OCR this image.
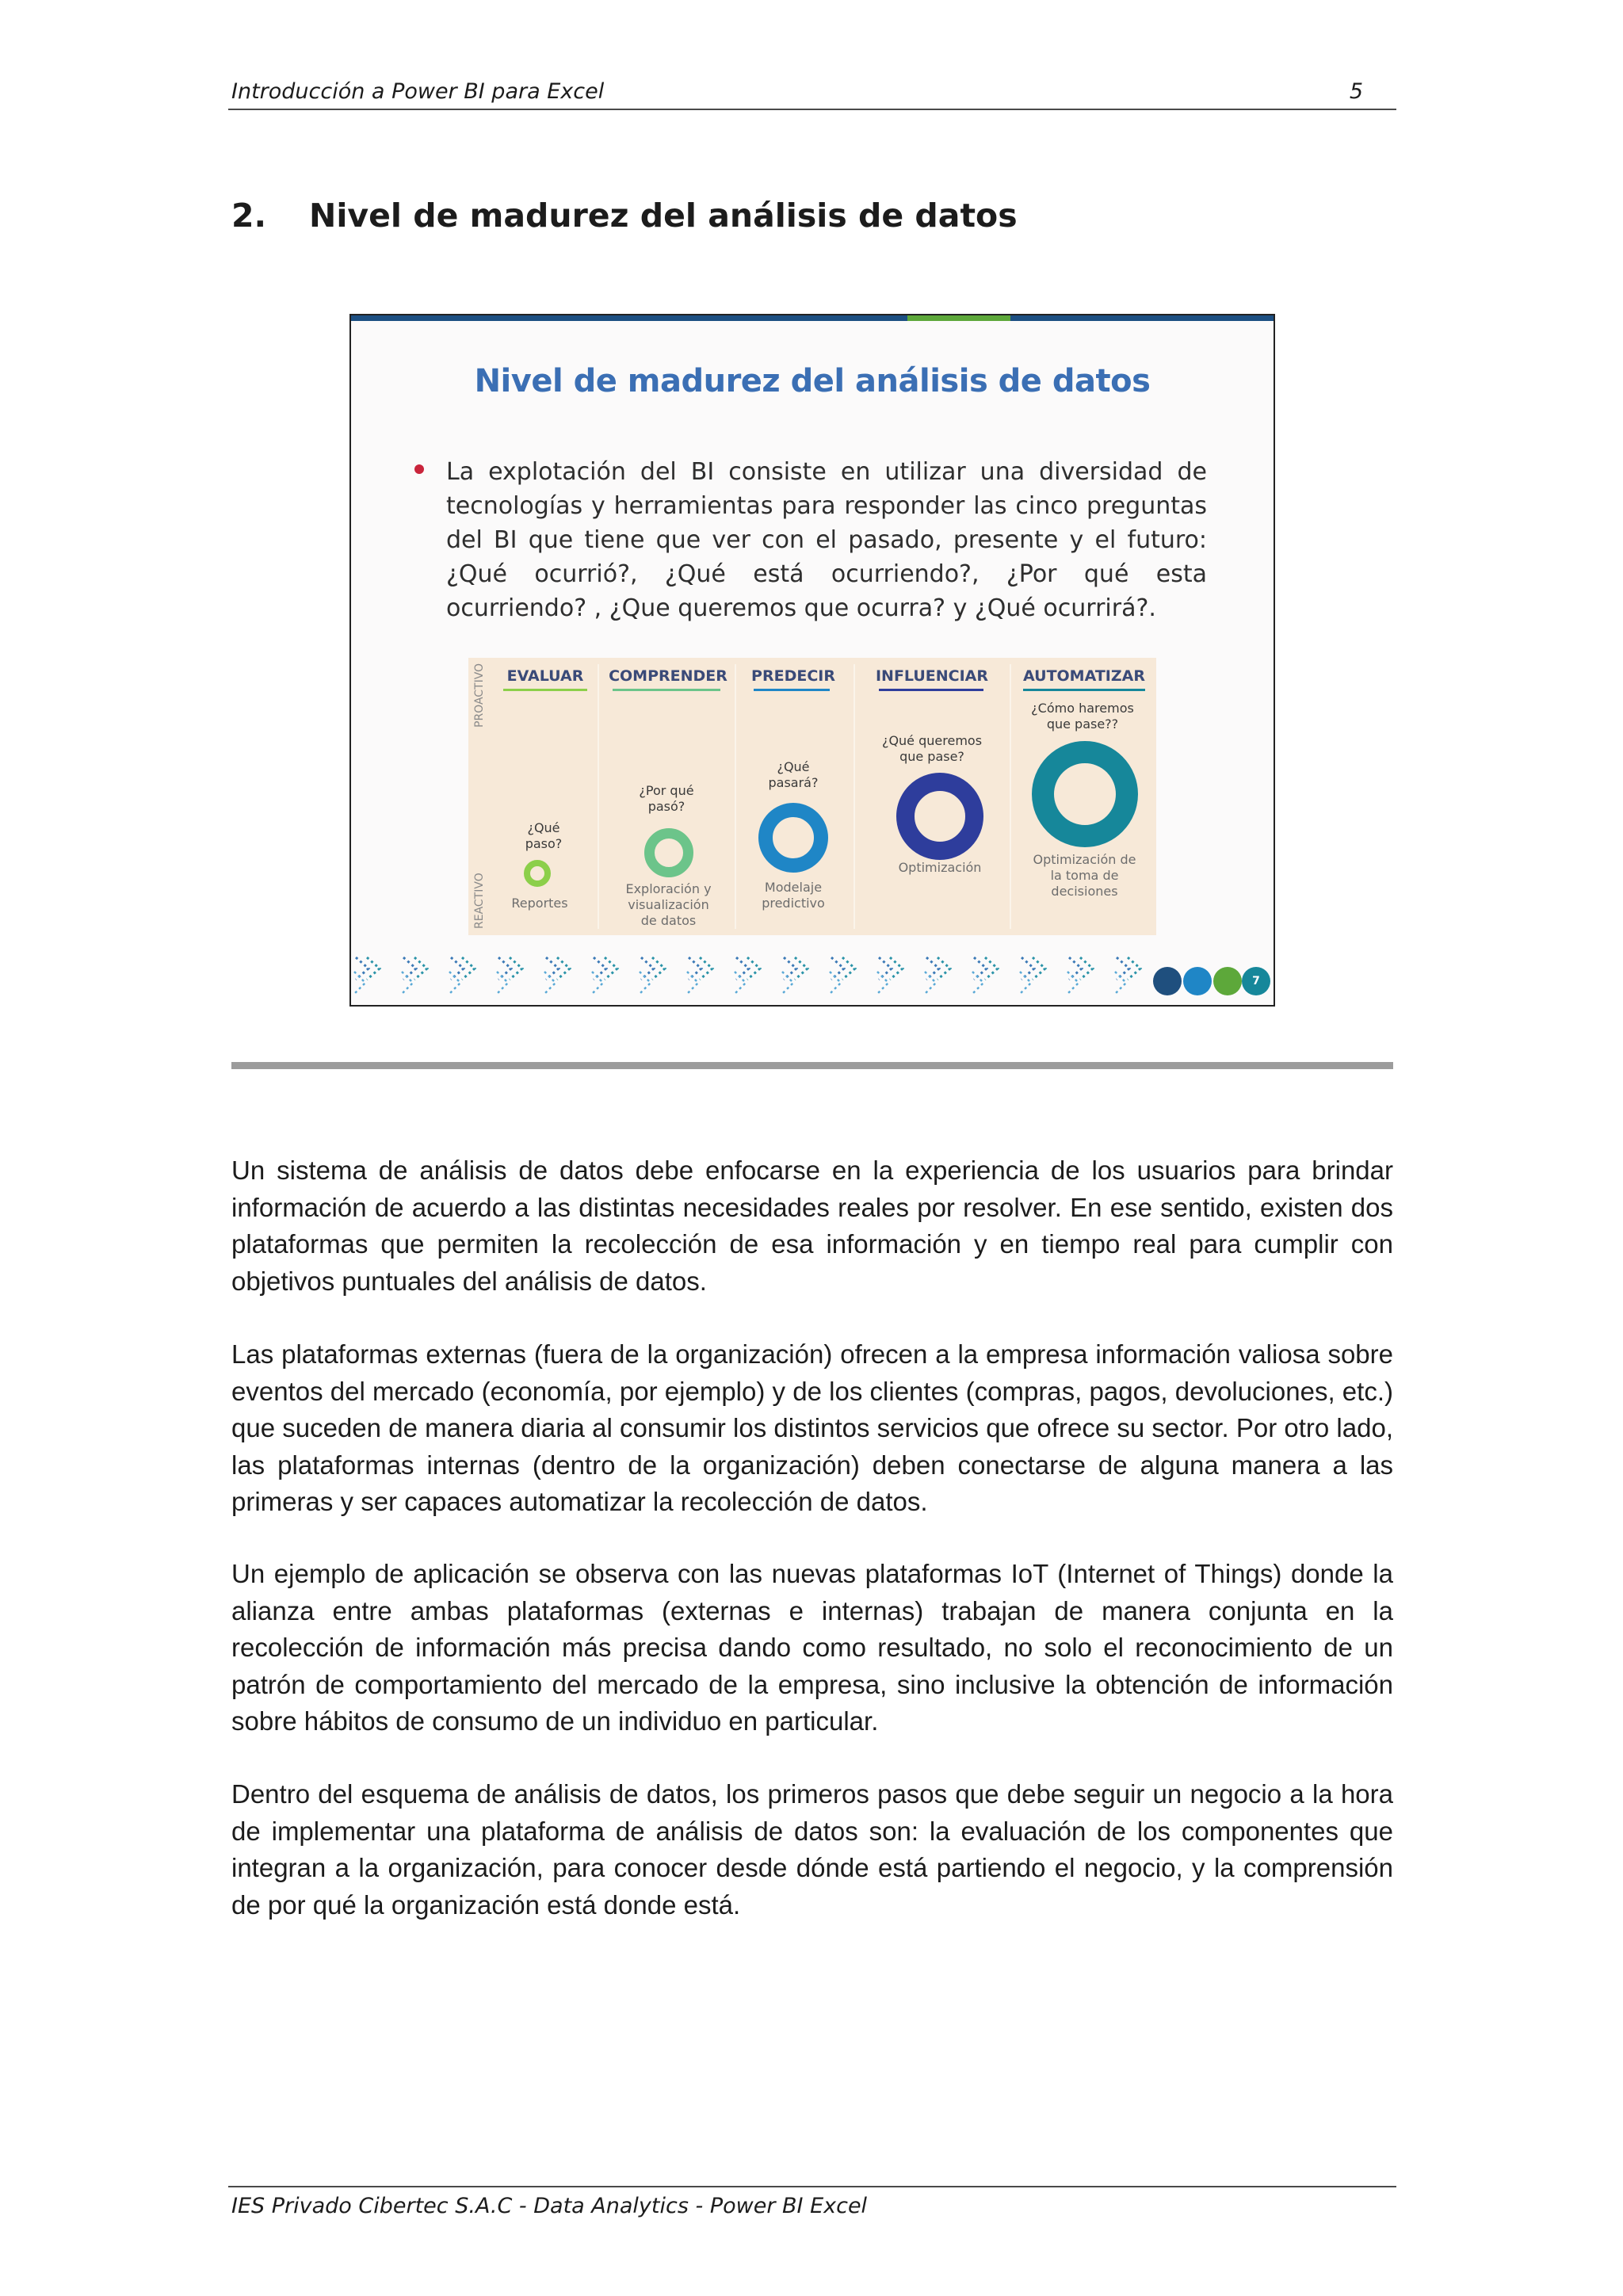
Introducción a Power BI para Excel	5
2. Nivel de madurez del análisis de datos
Nivel de madurez del análisis de datos
La explotación del BI consiste en utilizar una diversidad de tecnologías y herramientas para responder las cinco preguntas del BI que tiene que ver con el pasado, presente y el futuro: ¿Qué ocurrió?, ¿Qué está ocurriendo?, ¿Por qué esta ocurriendo? , ¿Que queremos que ocurra? y ¿Qué ocurrirá?.
PROACTIVO
REACTIVO
EVALUAR
¿Qué paso?
Reportes
COMPRENDER
¿Por qué pasó?
Exploración y visualización de datos
PREDECIR
¿Qué pasará?
Modelaje predictivo
INFLUENCIAR
¿Qué queremos que pase?
Optimización
AUTOMATIZAR
¿Cómo haremos que pase??
Optimización de la toma de decisiones
7
Un sistema de análisis de datos debe enfocarse en la experiencia de los usuarios para brindar información de acuerdo a las distintas necesidades reales por resolver. En ese sentido, existen dos plataformas que permiten la recolección de esa información y en tiempo real para cumplir con objetivos puntuales del análisis de datos.
Las plataformas externas (fuera de la organización) ofrecen a la empresa información valiosa sobre eventos del mercado (economía, por ejemplo) y de los clientes (compras, pagos, devoluciones, etc.) que suceden de manera diaria al consumir los distintos servicios que ofrece su sector. Por otro lado, las plataformas internas (dentro de la organización) deben conectarse de alguna manera a las primeras y ser capaces automatizar la recolección de datos.
Un ejemplo de aplicación se observa con las nuevas plataformas IoT (Internet of Things) donde la alianza entre ambas plataformas (externas e internas) trabajan de manera conjunta en la recolección de información más precisa dando como resultado, no solo el reconocimiento de un patrón de comportamiento del mercado de la empresa, sino inclusive la obtención de información sobre hábitos de consumo de un individuo en particular.
Dentro del esquema de análisis de datos, los primeros pasos que debe seguir un negocio a la hora de implementar una plataforma de análisis de datos son: la evaluación de los componentes que integran a la organización, para conocer desde dónde está partiendo el negocio, y la comprensión de por qué la organización está donde está.
IES Privado Cibertec S.A.C - Data Analytics - Power BI Excel
